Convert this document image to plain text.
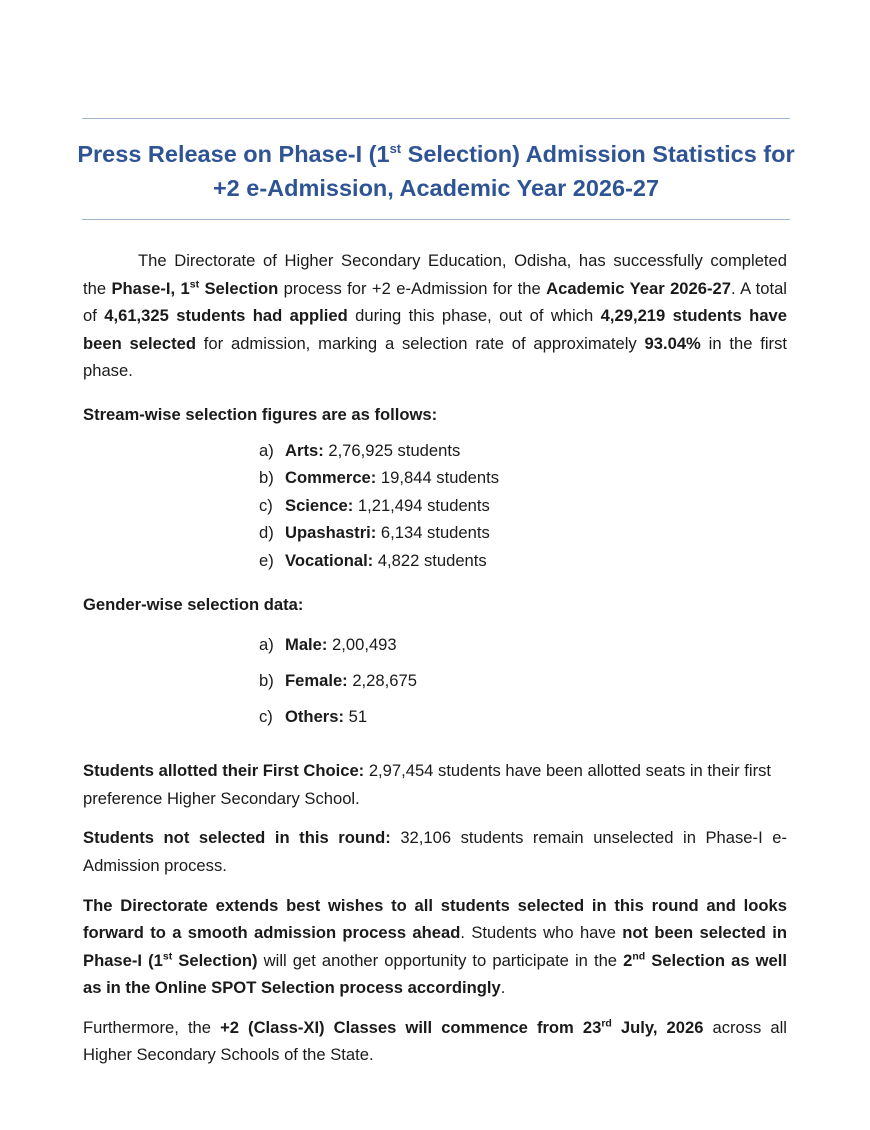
Press Release on Phase-I (1st Selection) Admission Statistics for
+2 e-Admission, Academic Year 2026-27

The Directorate of Higher Secondary Education, Odisha, has successfully completed the Phase-I, 1st Selection process for +2 e-Admission for the Academic Year 2026-27. A total of 4,61,325 students had applied during this phase, out of which 4,29,219 students have been selected for admission, marking a selection rate of approximately 93.04% in the first phase.

Stream-wise selection figures are as follows:

a) Arts: 2,76,925 students
b) Commerce: 19,844 students
c) Science: 1,21,494 students
d) Upashastri: 6,134 students
e) Vocational: 4,822 students

Gender-wise selection data:

a) Male: 2,00,493
b) Female: 2,28,675
c) Others: 51

Students allotted their First Choice: 2,97,454 students have been allotted seats in their first preference Higher Secondary School.

Students not selected in this round: 32,106 students remain unselected in Phase-I e-Admission process.

The Directorate extends best wishes to all students selected in this round and looks forward to a smooth admission process ahead. Students who have not been selected in Phase-I (1st Selection) will get another opportunity to participate in the 2nd Selection as well as in the Online SPOT Selection process accordingly.

Furthermore, the +2 (Class-XI) Classes will commence from 23rd July, 2026 across all Higher Secondary Schools of the State.
